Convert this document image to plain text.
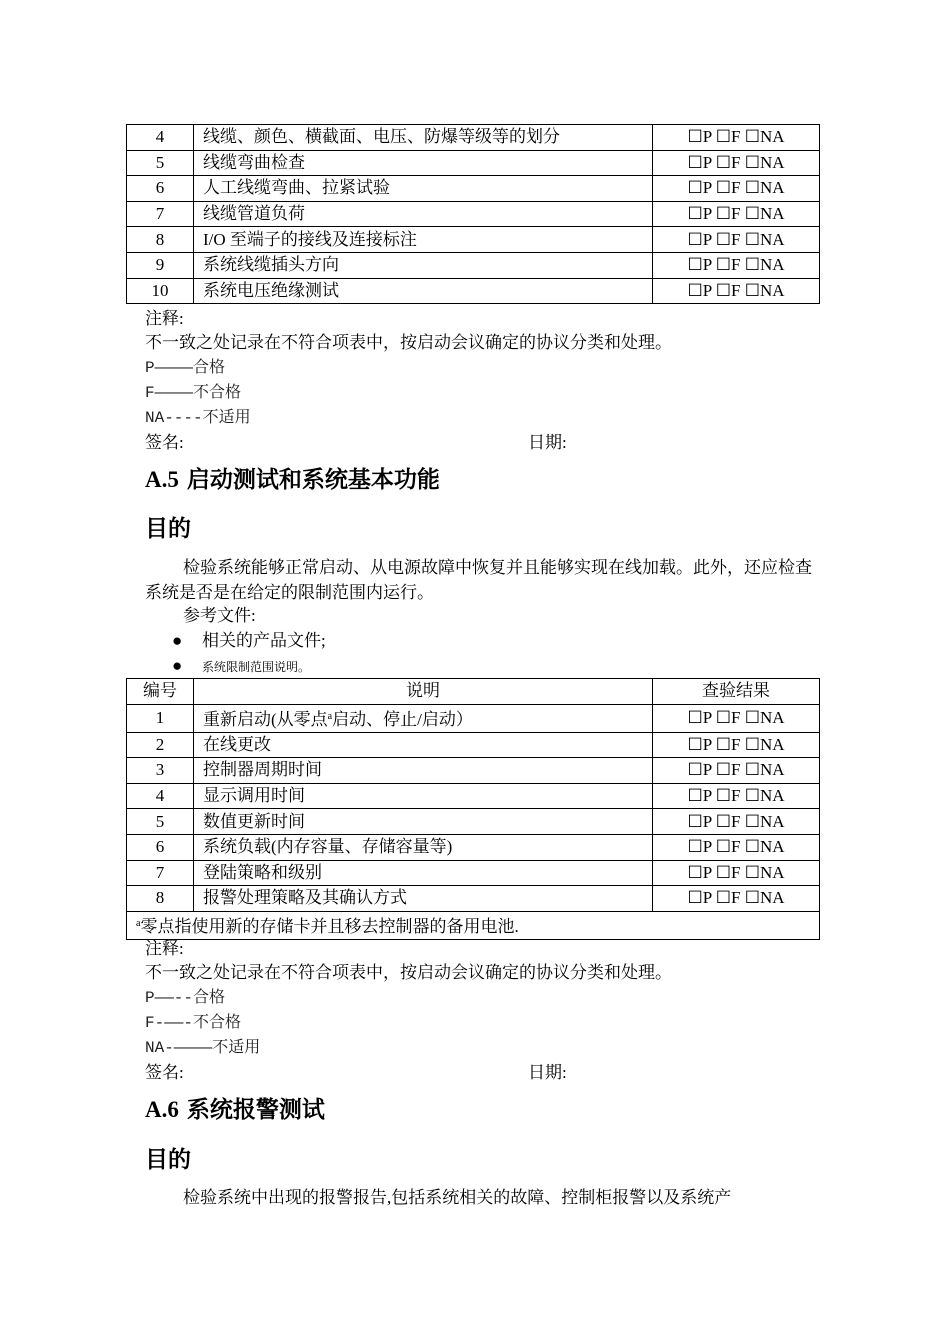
4	线缆、颜色、横截面、电压、防爆等级等的划分	☐P ☐F ☐NA
5	线缆弯曲检查	☐P ☐F ☐NA
6	人工线缆弯曲、拉紧试验	☐P ☐F ☐NA
7	线缆管道负荷	☐P ☐F ☐NA
8	I/O 至端子的接线及连接标注	☐P ☐F ☐NA
9	系统线缆插头方向	☐P ☐F ☐NA
10	系统电压绝缘测试	☐P ☐F ☐NA
注释:
不一致之处记录在不符合项表中，按启动会议确定的协议分类和处理。
P————合格
F————不合格
NA----不适用
签名:	日期:
A.5 启动测试和系统基本功能
目的
检验系统能够正常启动、从电源故障中恢复并且能够实现在线加载。此外，还应检查系统是否是在给定的限制范围内运行。
参考文件:
● 相关的产品文件;
● 系统限制范围说明。
编号	说明	查验结果
1	重新启动(从零点$^a$启动、停止/启动）	☐P ☐F ☐NA
2	在线更改	☐P ☐F ☐NA
3	控制器周期时间	☐P ☐F ☐NA
4	显示调用时间	☐P ☐F ☐NA
5	数值更新时间	☐P ☐F ☐NA
6	系统负载(内存容量、存储容量等)	☐P ☐F ☐NA
7	登陆策略和级别	☐P ☐F ☐NA
8	报警处理策略及其确认方式	☐P ☐F ☐NA
$^a$零点指使用新的存储卡并且移去控制器的备用电池.		
注释:
不一致之处记录在不符合项表中，按启动会议确定的协议分类和处理。
P——--合格
F-——-不合格
NA-————不适用
签名:	日期:
A.6 系统报警测试
目的
检验系统中出现的报警报告,包括系统相关的故障、控制柜报警以及系统产
